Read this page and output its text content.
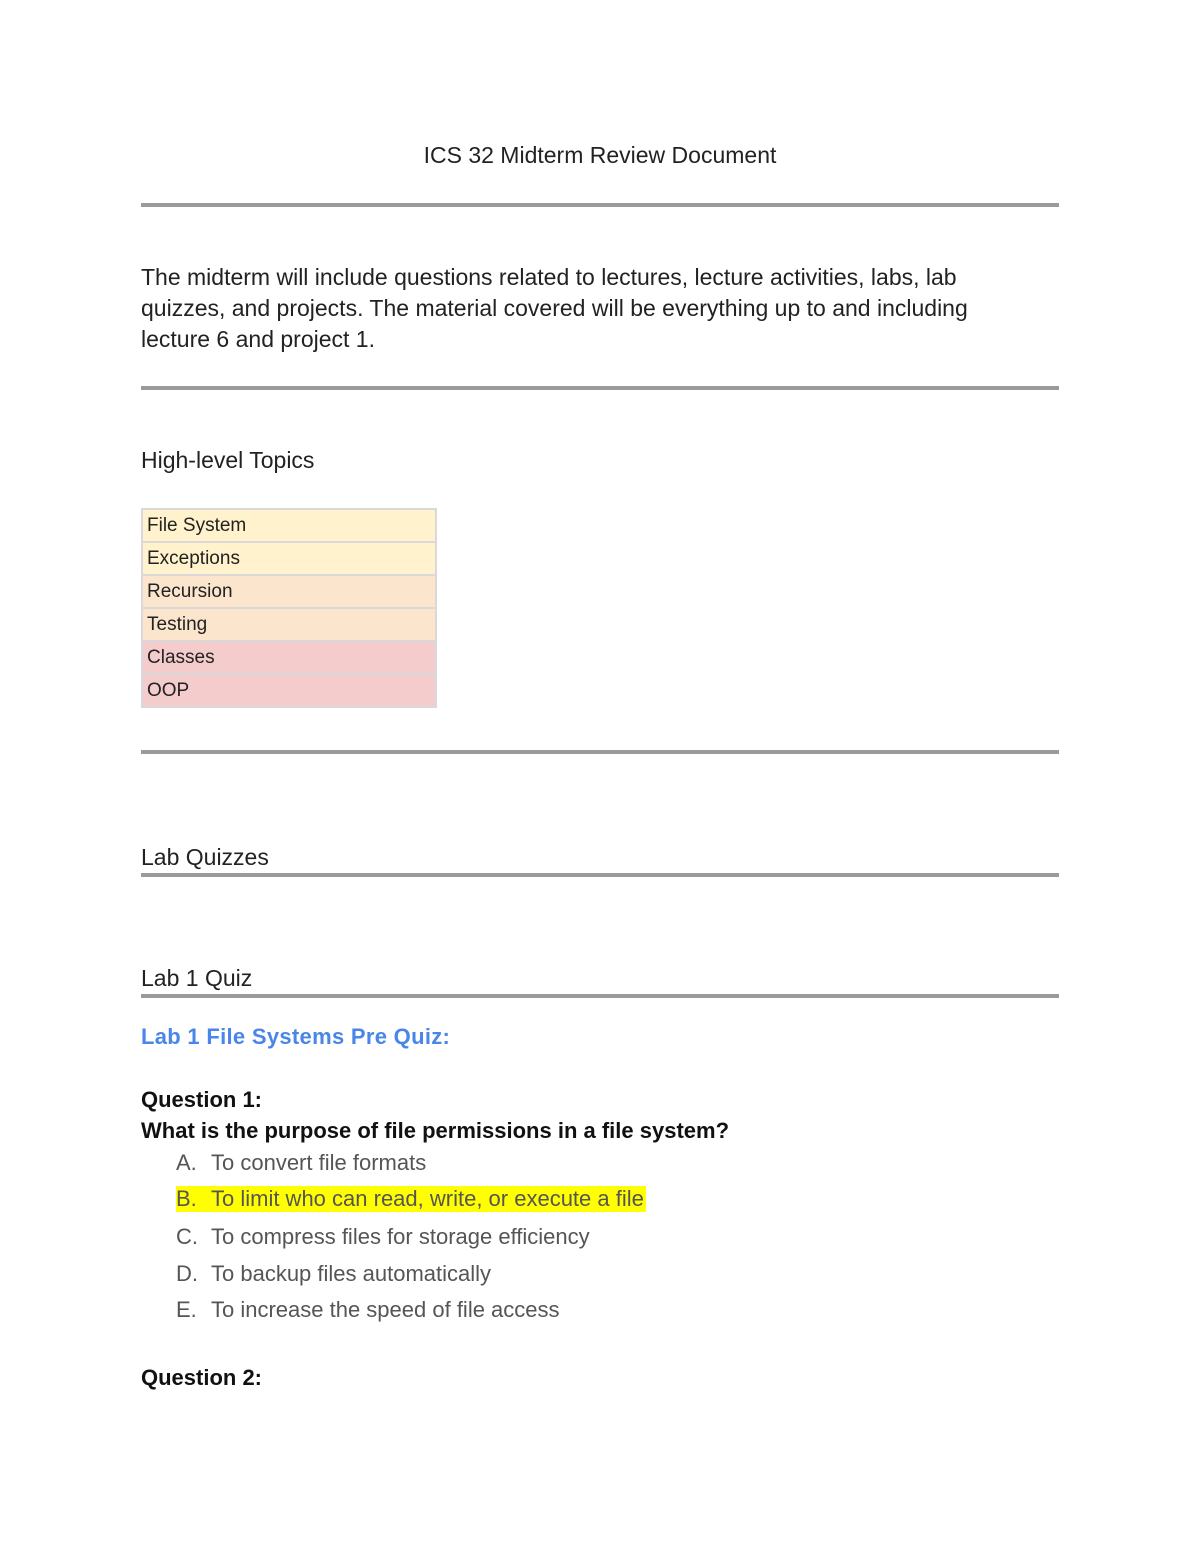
ICS 32 Midterm Review Document
The midterm will include questions related to lectures, lecture activities, labs, lab quizzes, and projects. The material covered will be everything up to and including lecture 6 and project 1.
High-level Topics
File System
Exceptions
Recursion
Testing
Classes
OOP
Lab Quizzes
Lab 1 Quiz
Lab 1 File Systems Pre Quiz:
Question 1:
What is the purpose of file permissions in a file system?
A. To convert file formats
B. To limit who can read, write, or execute a file
C. To compress files for storage efficiency
D. To backup files automatically
E. To increase the speed of file access
Question 2:
